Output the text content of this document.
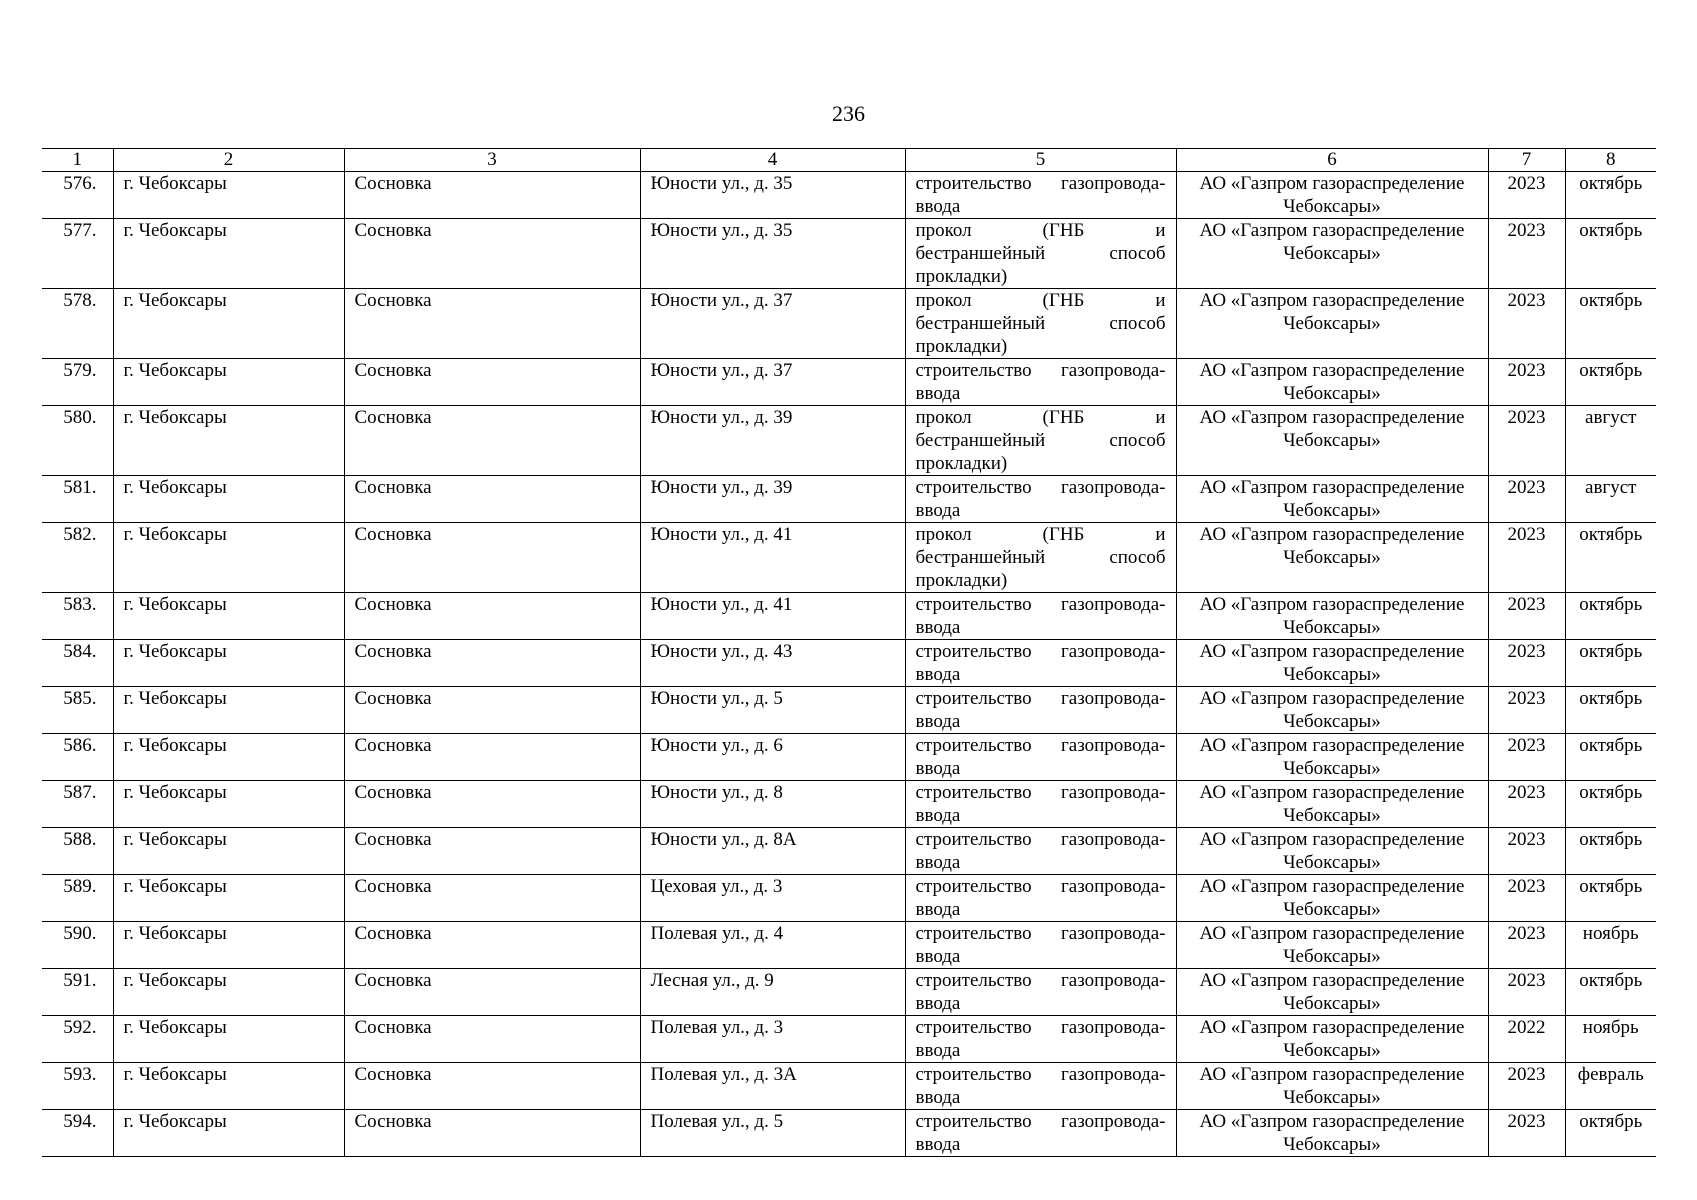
236
1	2	3	4	5	6	7	8
576.	г. Чебоксары	Сосновка	Юности ул., д. 35	строительство газопровода-ввода	АО «Газпром газораспределение Чебоксары»	2023	октябрь
577.	г. Чебоксары	Сосновка	Юности ул., д. 35	прокол (ГНБ и бестраншейный способ прокладки)	АО «Газпром газораспределение Чебоксары»	2023	октябрь
578.	г. Чебоксары	Сосновка	Юности ул., д. 37	прокол (ГНБ и бестраншейный способ прокладки)	АО «Газпром газораспределение Чебоксары»	2023	октябрь
579.	г. Чебоксары	Сосновка	Юности ул., д. 37	строительство газопровода-ввода	АО «Газпром газораспределение Чебоксары»	2023	октябрь
580.	г. Чебоксары	Сосновка	Юности ул., д. 39	прокол (ГНБ и бестраншейный способ прокладки)	АО «Газпром газораспределение Чебоксары»	2023	август
581.	г. Чебоксары	Сосновка	Юности ул., д. 39	строительство газопровода-ввода	АО «Газпром газораспределение Чебоксары»	2023	август
582.	г. Чебоксары	Сосновка	Юности ул., д. 41	прокол (ГНБ и бестраншейный способ прокладки)	АО «Газпром газораспределение Чебоксары»	2023	октябрь
583.	г. Чебоксары	Сосновка	Юности ул., д. 41	строительство газопровода-ввода	АО «Газпром газораспределение Чебоксары»	2023	октябрь
584.	г. Чебоксары	Сосновка	Юности ул., д. 43	строительство газопровода-ввода	АО «Газпром газораспределение Чебоксары»	2023	октябрь
585.	г. Чебоксары	Сосновка	Юности ул., д. 5	строительство газопровода-ввода	АО «Газпром газораспределение Чебоксары»	2023	октябрь
586.	г. Чебоксары	Сосновка	Юности ул., д. 6	строительство газопровода-ввода	АО «Газпром газораспределение Чебоксары»	2023	октябрь
587.	г. Чебоксары	Сосновка	Юности ул., д. 8	строительство газопровода-ввода	АО «Газпром газораспределение Чебоксары»	2023	октябрь
588.	г. Чебоксары	Сосновка	Юности ул., д. 8А	строительство газопровода-ввода	АО «Газпром газораспределение Чебоксары»	2023	октябрь
589.	г. Чебоксары	Сосновка	Цеховая ул., д. 3	строительство газопровода-ввода	АО «Газпром газораспределение Чебоксары»	2023	октябрь
590.	г. Чебоксары	Сосновка	Полевая ул., д. 4	строительство газопровода-ввода	АО «Газпром газораспределение Чебоксары»	2023	ноябрь
591.	г. Чебоксары	Сосновка	Лесная ул., д. 9	строительство газопровода-ввода	АО «Газпром газораспределение Чебоксары»	2023	октябрь
592.	г. Чебоксары	Сосновка	Полевая ул., д. 3	строительство газопровода-ввода	АО «Газпром газораспределение Чебоксары»	2022	ноябрь
593.	г. Чебоксары	Сосновка	Полевая ул., д. 3А	строительство газопровода-ввода	АО «Газпром газораспределение Чебоксары»	2023	февраль
594.	г. Чебоксары	Сосновка	Полевая ул., д. 5	строительство газопровода-ввода	АО «Газпром газораспределение Чебоксары»	2023	октябрь
